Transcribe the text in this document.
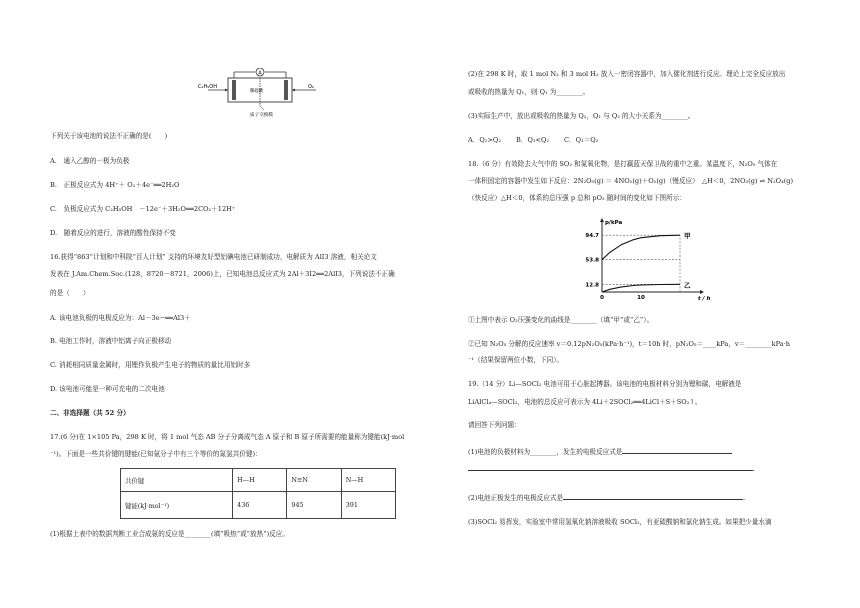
A
C₂H₅OH	O₂
稀硫酸
质子交换膜
下列关于该电池的说法不正确的是(　　)
A.　通入乙醇的一极为负极
B.　正极反应式为 4H⁺＋ O₂＋4e⁻══2H₂O
C.　负极反应式为 C₂H₅OH　－12e⁻＋3H₂O══2CO₂＋12H⁺
D.　随着反应的进行，溶液的酸性保持不变
16.获得“863”计划和中科院“百人计划” 支持的环境友好型铝碘电池已研制成功，电解质为 AlI3 溶液，相关论文
发表在 J.Am.Chem.Soc.(128，8720－8721，2006)上，已知电池总反应式为 2Al＋3I2══2AlI3，下列说法不正确
的是（　　）
A. 该电池负极的电极反应为：Al－3e−══Al3＋
B. 电池工作时，溶液中铝离子向正极移动
C. 消耗相同质量金属时，用锂作负极产生电子的物质的量比用铝时多
D. 该电池可能是一种可充电的二次电池
二、非选择题（共 52 分）
17.(6 分)在 1×105 Pa，298 K 时，将 1 mol 气态 AB 分子分离成气态 A 原子和 B 原子所需要的能量称为键能(kJ·mol
⁻¹)。下面是一些共价键的键能(已知氨分子中有三个等价的氮氢共价键)：
共价键	H—H	N≡N	N—H
键能(kJ·mol⁻¹)	436	945	391
(1)根据上表中的数据判断工业合成氨的反应是________(填“吸热”或“放热”)反应。
(2)在 298 K 时，取 1 mol N₂ 和 3 mol H₂ 放入一密闭容器中，加入催化剂进行反应。理论上完全反应放出
或吸收的热量为 Q₁，则 Q₁ 为________。
(3)实际生产中，放出或吸收的热量为 Q₂，Q₁ 与 Q₂ 的大小关系为________。
A．Q₁>Q₂ B．Q₁<Q₂ C．Q₁＝Q₂
18.（6 分）有效除去大气中的 SO₂ 和氮氧化物，是打赢蓝天保卫战的重中之重。某温度下，N₂O₅ 气体在
一体积固定的容器中发生如下反应：2N₂O₅(g) ＝ 4NO₂(g)＋O₂(g)（慢反应）　△H＜0，2NO₂(g) ⇌ N₂O₄(g)
（快反应）△H＜0，体系的总压强 p 总和 pO₂ 随时间的变化如下图所示：
12.8
53.8
94.7
0	10
p/kPa
t / h
甲
乙
①上图中表示 O₂压强变化的曲线是________（填“甲”或“乙”）。
②已知 N₂O₅ 分解的反应速率 v＝0.12pN₂O₅(kPa·h⁻¹)，t＝10h 时，pN₂O₅＝____kPa，v＝________kPa·h
⁻¹（结果保留两位小数，下同）。
19.（14 分）Li—SOCl₂ 电池可用于心脏起搏器。该电池的电极材料分别为锂和碳，电解液是
LiAlCl₄—SOCl₂，电池的总反应可表示为 4Li＋2SOCl₂══4LiCl＋S＋SO₂↑。
请回答下列问题：
(1)电池的负极材料为________，发生的电极反应式是
.
(2)电池正极发生的电极反应式是	.
(3)SOCl₂ 易挥发，实验室中常用氢氧化钠溶液吸收 SOCl₂，有亚硫酸钠和氯化钠生成。如果把少量水滴
